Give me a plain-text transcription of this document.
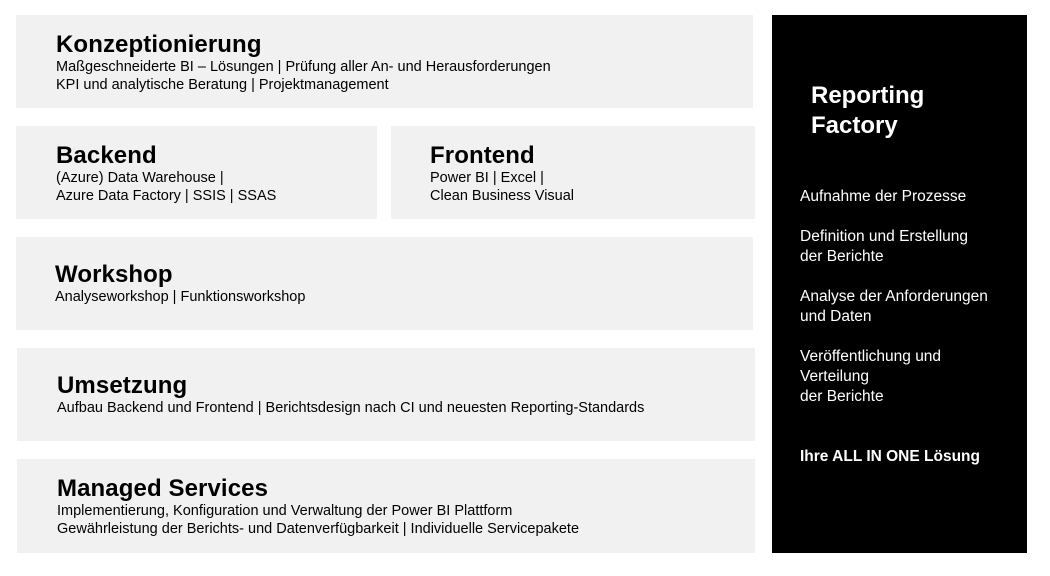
Konzeptionierung
Maßgeschneiderte BI – Lösungen | Prüfung aller An- und Herausforderungen
KPI und analytische Beratung | Projektmanagement
Backend
(Azure) Data Warehouse |
Azure Data Factory | SSIS | SSAS
Frontend
Power BI | Excel |
Clean Business Visual
Workshop
Analyseworkshop | Funktionsworkshop
Umsetzung
Aufbau Backend und Frontend | Berichtsdesign nach CI und neuesten Reporting-Standards
Managed Services
Implementierung, Konfiguration und Verwaltung der Power BI Plattform
Gewährleistung der Berichts- und Datenverfügbarkeit | Individuelle Servicepakete
Reporting
Factory
Aufnahme der Prozesse
Definition und Erstellung
der Berichte
Analyse der Anforderungen
und Daten
Veröffentlichung und
Verteilung
der Berichte
Ihre ALL IN ONE Lösung
